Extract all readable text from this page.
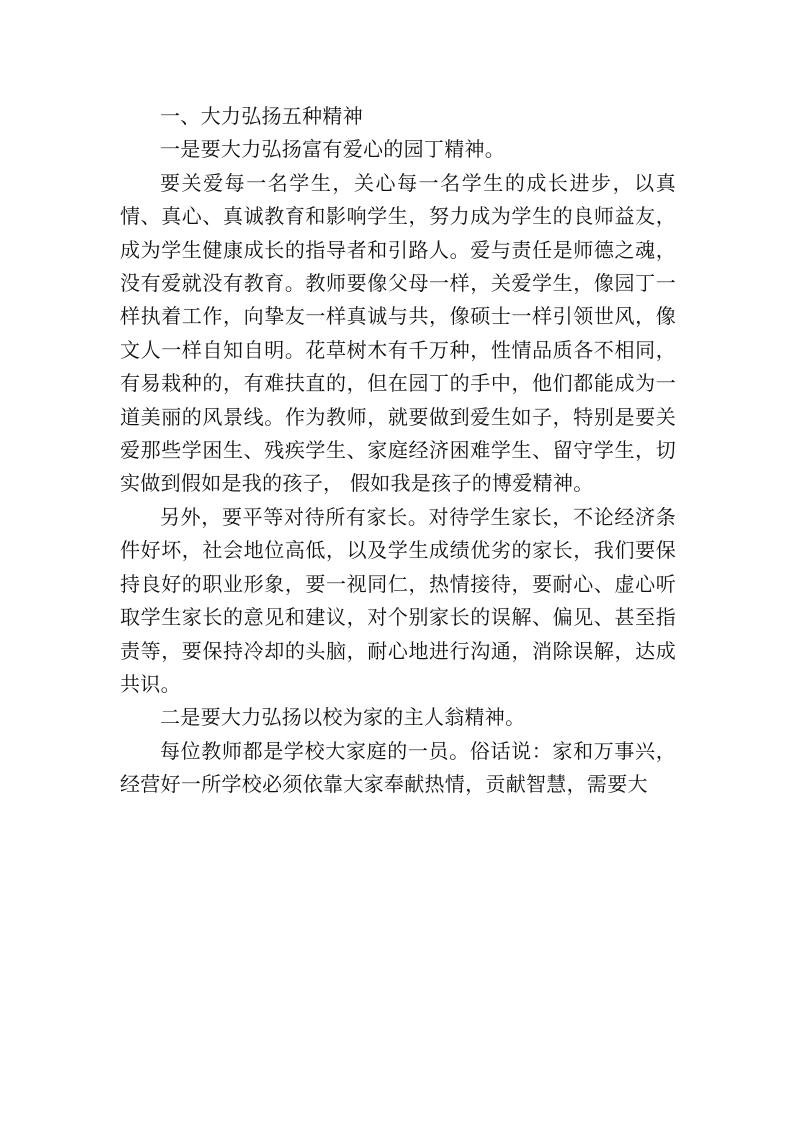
一、大力弘扬五种精神

一是要大力弘扬富有爱心的园丁精神。

要关爱每一名学生，关心每一名学生的成长进步，以真情、真心、真诚教育和影响学生，努力成为学生的良师益友，成为学生健康成长的指导者和引路人。爱与责任是师德之魂，没有爱就没有教育。教师要像父母一样，关爱学生，像园丁一样执着工作，向挚友一样真诚与共，像硕士一样引领世风，像文人一样自知自明。花草树木有千万种，性情品质各不相同，有易栽种的，有难扶直的，但在园丁的手中，他们都能成为一道美丽的风景线。作为教师，就要做到爱生如子，特别是要关爱那些学困生、残疾学生、家庭经济困难学生、留守学生，切实做到假如是我的孩子， 假如我是孩子的博爱精神。

另外，要平等对待所有家长。对待学生家长，不论经济条件好坏，社会地位高低，以及学生成绩优劣的家长，我们要保持良好的职业形象，要一视同仁，热情接待，要耐心、虚心听取学生家长的意见和建议，对个别家长的误解、偏见、甚至指责等，要保持冷却的头脑，耐心地进行沟通，消除误解，达成共识。

二是要大力弘扬以校为家的主人翁精神。

每位教师都是学校大家庭的一员。俗话说：家和万事兴，经营好一所学校必须依靠大家奉献热情，贡献智慧，需要大
